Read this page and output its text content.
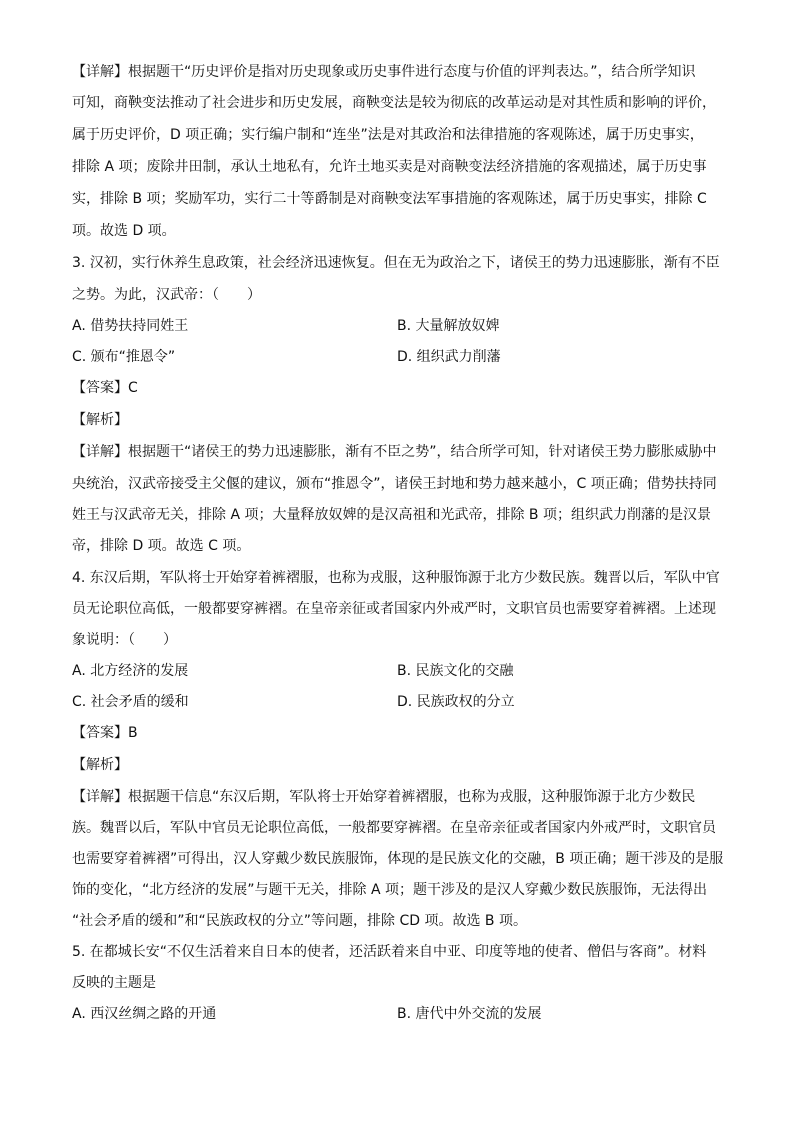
【详解】根据题干“历史评价是指对历史现象或历史事件进行态度与价值的评判表达。”，结合所学知识
可知，商鞅变法推动了社会进步和历史发展，商鞅变法是较为彻底的改革运动是对其性质和影响的评价，
属于历史评价，D 项正确；实行编户制和“连坐”法是对其政治和法律措施的客观陈述，属于历史事实，
排除 A 项；废除井田制，承认土地私有，允许土地买卖是对商鞅变法经济措施的客观描述，属于历史事
实，排除 B 项；奖励军功，实行二十等爵制是对商鞅变法军事措施的客观陈述，属于历史事实，排除 C
项。故选 D 项。
3. 汉初，实行休养生息政策，社会经济迅速恢复。但在无为政治之下，诸侯王的势力迅速膨胀，渐有不臣
之势。为此，汉武帝：（　　）
A. 借势扶持同姓王	B. 大量解放奴婢
C. 颁布“推恩令”	D. 组织武力削藩
【答案】C
【解析】
【详解】根据题干“诸侯王的势力迅速膨胀，渐有不臣之势”，结合所学可知，针对诸侯王势力膨胀威胁中
央统治，汉武帝接受主父偃的建议，颁布“推恩令”，诸侯王封地和势力越来越小，C 项正确；借势扶持同
姓王与汉武帝无关，排除 A 项；大量释放奴婢的是汉高祖和光武帝，排除 B 项；组织武力削藩的是汉景
帝，排除 D 项。故选 C 项。
4. 东汉后期，军队将士开始穿着裤褶服，也称为戎服，这种服饰源于北方少数民族。魏晋以后，军队中官
员无论职位高低，一般都要穿裤褶。在皇帝亲征或者国家内外戒严时，文职官员也需要穿着裤褶。上述现
象说明：（　　）
A. 北方经济的发展	B. 民族文化的交融
C. 社会矛盾的缓和	D. 民族政权的分立
【答案】B
【解析】
【详解】根据题干信息“东汉后期，军队将士开始穿着裤褶服，也称为戎服，这种服饰源于北方少数民
族。魏晋以后，军队中官员无论职位高低，一般都要穿裤褶。在皇帝亲征或者国家内外戒严时，文职官员
也需要穿着裤褶”可得出，汉人穿戴少数民族服饰，体现的是民族文化的交融，B 项正确；题干涉及的是服
饰的变化，“北方经济的发展”与题干无关，排除 A 项；题干涉及的是汉人穿戴少数民族服饰，无法得出
“社会矛盾的缓和”和“民族政权的分立”等问题，排除 CD 项。故选 B 项。
5. 在都城长安“不仅生活着来自日本的使者，还活跃着来自中亚、印度等地的使者、僧侣与客商”。材料
反映的主题是
A. 西汉丝绸之路的开通	B. 唐代中外交流的发展
